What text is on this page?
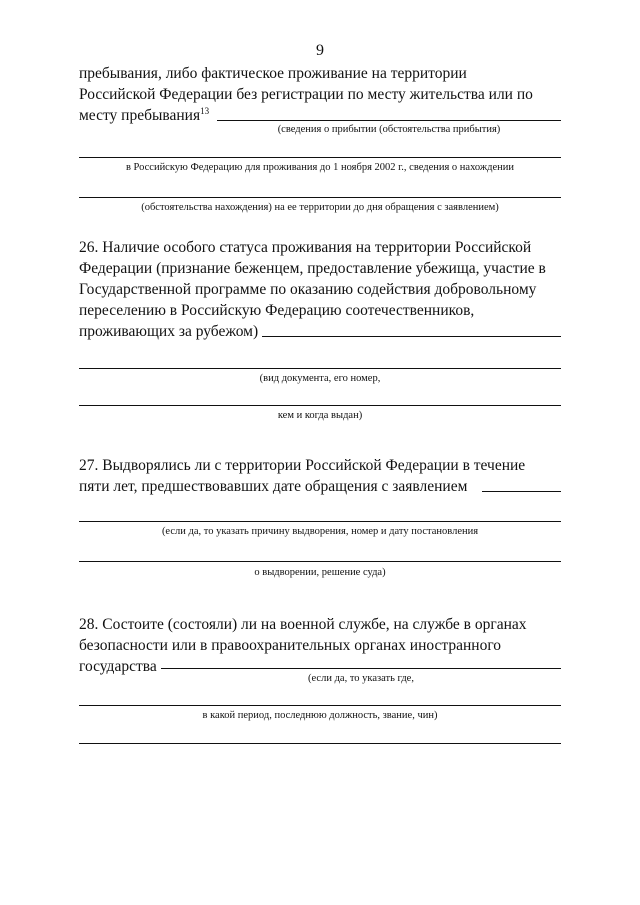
9
пребывания, либо фактическое проживание на территории
Российской Федерации без регистрации по месту жительства или по
месту пребывания$^{13}$
(сведения о прибытии (обстоятельства прибытия)
в Российскую Федерацию для проживания до 1 ноября 2002 г., сведения о нахождении
(обстоятельства нахождения) на ее территории до дня обращения с заявлением)
26. Наличие особого статуса проживания на территории Российской
Федерации (признание беженцем, предоставление убежища, участие в
Государственной программе по оказанию содействия добровольному
переселению в Российскую Федерацию соотечественников,
проживающих за рубежом)
(вид документа, его номер,
кем и когда выдан)
27. Выдворялись ли с территории Российской Федерации в течение
пяти лет, предшествовавших дате обращения с заявлением
(если да, то указать причину выдворения, номер и дату постановления
о выдворении, решение суда)
28. Состоите (состояли) ли на военной службе, на службе в органах
безопасности или в правоохранительных органах иностранного
государства
(если да, то указать где,
в какой период, последнюю должность, звание, чин)
